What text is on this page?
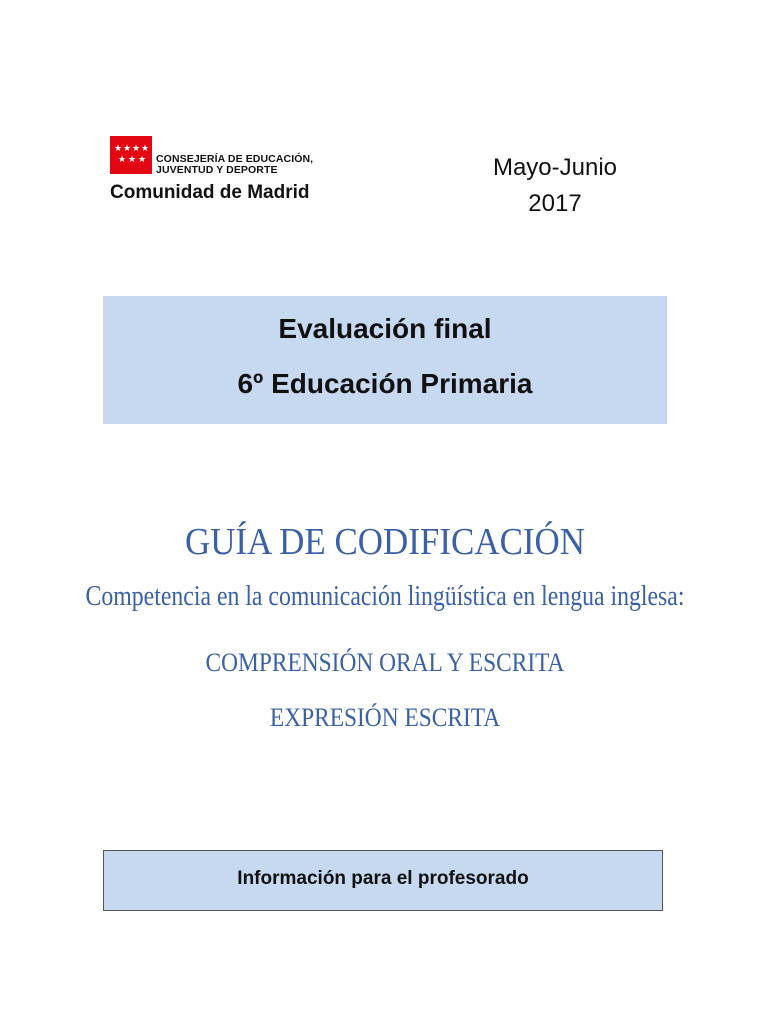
★ ★ ★ ★
★ ★ ★ CONSEJERÍA DE EDUCACIÓN,
JUVENTUD Y DEPORTE
Comunidad de Madrid
Mayo-Junio
2017
Evaluación final
6º Educación Primaria
GUÍA DE CODIFICACIÓN
Competencia en la comunicación lingüística en lengua inglesa:
COMPRENSIÓN ORAL Y ESCRITA
EXPRESIÓN ESCRITA
Información para el profesorado
